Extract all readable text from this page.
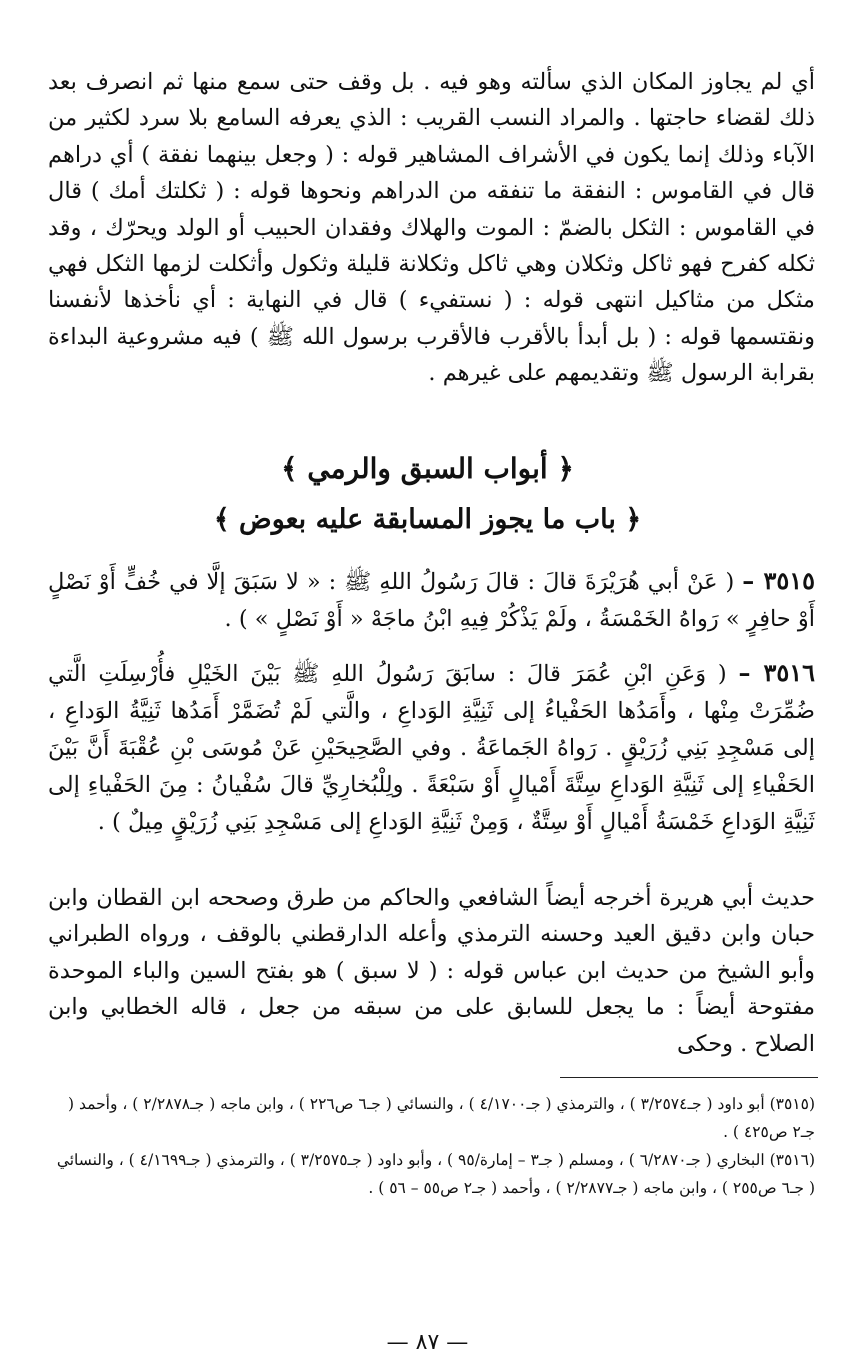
أي لم يجاوز المكان الذي سألته وهو فيه . بل وقف حتى سمع منها ثم انصرف بعد ذلك لقضاء حاجتها . والمراد النسب القريب : الذي يعرفه السامع بلا سرد لكثير من الآباء وذلك إنما يكون في الأشراف المشاهير قوله : ( وجعل بينهما نفقة ) أي دراهم قال في القاموس : النفقة ما تنفقه من الدراهم ونحوها قوله : ( ثكلتك أمك ) قال في القاموس : الثكل بالضمّ : الموت والهلاك وفقدان الحبيب أو الولد ويحرّك ، وقد ثكله كفرح فهو ثاكل وثكلان وهي ثاكل وثكلانة قليلة وثكول وأثكلت لزمها الثكل فهي مثكل من مثاكيل انتهى قوله : ( نستفيء ) قال في النهاية : أي نأخذها لأنفسنا ونقتسمها قوله : ( بل أبدأ بالأقرب فالأقرب برسول الله ﷺ ) فيه مشروعية البداءة بقرابة الرسول ﷺ وتقديمهم على غيرهم .

﴿ أبواب السبق والرمي ﴾
﴿ باب ما يجوز المسابقة عليه بعوض ﴾

٣٥١٥ – ( عَنْ أبي هُرَيْرَةَ قالَ : قالَ رَسُولُ اللهِ ﷺ : « لا سَبَقَ إلَّا في خُفٍّ أَوْ نَصْلٍ أَوْ حافِرٍ » رَواهُ الخَمْسَةُ ، ولَمْ يَذْكُرْ فِيهِ ابْنُ ماجَهْ « أَوْ نَصْلٍ » ) .

٣٥١٦ – ( وَعَنِ ابْنِ عُمَرَ قالَ : سابَقَ رَسُولُ اللهِ ﷺ بَيْنَ الخَيْلِ فأُرْسِلَتِ الَّتي ضُمِّرَتْ مِنْها ، وأَمَدُها الحَفْياءُ إلى ثَنِيَّةِ الوَداعِ ، والَّتي لَمْ تُضَمَّرْ أَمَدُها ثَنِيَّةُ الوَداعِ ، إلى مَسْجِدِ بَنِي زُرَيْقٍ . رَواهُ الجَماعَةُ . وفي الصَّحِيحَيْنِ عَنْ مُوسَى بْنِ عُقْبَةَ أَنَّ بَيْنَ الحَفْياءِ إلى ثَنِيَّةِ الوَداعِ سِتَّةَ أَمْيالٍ أَوْ سَبْعَةً . ولِلْبُخارِيِّ قالَ سُفْيانُ : مِنَ الحَفْياءِ إلى ثَنِيَّةِ الوَداعِ خَمْسَةُ أَمْيالٍ أَوْ سِتَّةٌ ، وَمِنْ ثَنِيَّةِ الوَداعِ إلى مَسْجِدِ بَنِي زُرَيْقٍ مِيلٌ ) .

حديث أبي هريرة أخرجه أيضاً الشافعي والحاكم من طرق وصححه ابن القطان وابن حبان وابن دقيق العيد وحسنه الترمذي وأعله الدارقطني بالوقف ، ورواه الطبراني وأبو الشيخ من حديث ابن عباس قوله : ( لا سبق ) هو بفتح السين والباء الموحدة مفتوحة أيضاً : ما يجعل للسابق على من سبقه من جعل ، قاله الخطابي وابن الصلاح . وحكى

(٣٥١٥) أبو داود ( جـ٣/٢٥٧٤ ) ، والترمذي ( جـ٤/١٧٠٠ ) ، والنسائي ( جـ٦ ص٢٢٦ ) ، وابن ماجه ( جـ٢/٢٨٧٨ ) ، وأحمد ( جـ٢ ص٤٢٥ ) .

(٣٥١٦) البخاري ( جـ٦/٢٨٧٠ ) ، ومسلم ( جـ٣ – إمارة/٩٥ ) ، وأبو داود ( جـ٣/٢٥٧٥ ) ، والترمذي ( جـ٤/١٦٩٩ ) ، والنسائي ( جـ٦ ص٢٥٥ ) ، وابن ماجه ( جـ٢/٢٨٧٧ ) ، وأحمد ( جـ٢ ص٥٥ – ٥٦ ) .

— ٨٧ —
